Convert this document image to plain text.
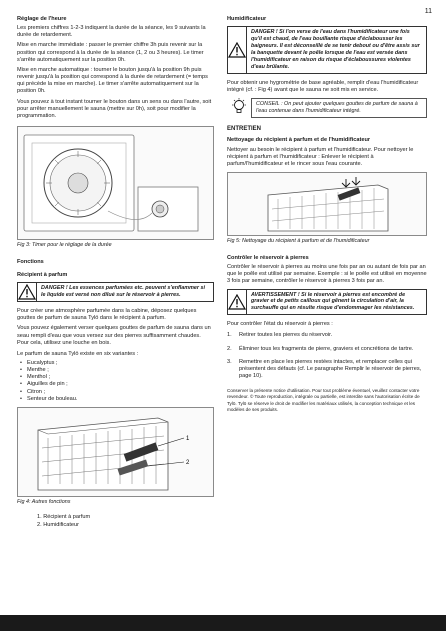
11
Réglage de l'heure

Les premiers chiffres 1-2-3 indiquent la durée de la séance, les 9 suivants la durée de retardement.

Mise en marche immédiate : passer le premier chiffre 3h puis revenir sur la position qui correspond à la durée de la séance (1, 2 ou 3 heures). Le timer s'arrête automatiquement sur la position 0h.

Mise en marche automatique : tourner le bouton jusqu'à la position 9h puis revenir jusqu'à la position qui correspond à la durée de retardement (= temps qui précède la mise en marche). Le timer s'arrête automatiquement sur la position 0h.

Vous pouvez à tout instant tourner le bouton dans un sens ou dans l'autre, soit pour arrêter manuellement le sauna (mettre sur 0h), soit pour modifier la programmation.

Fig 3: Timer pour le réglage de la durée
Fonctions
Récipient à parfum
DANGER ! Les essences parfumées etc. peuvent s'enflammer si le liquide est versé non dilué sur le réservoir à pierres.

Pour créer une atmosphère parfumée dans la cabine, déposez quelques gouttes de parfum de sauna Tylö dans le récipient à parfum.

Vous pouvez également verser quelques gouttes de parfum de sauna dans un seau rempli d'eau que vous versez sur des pierres suffisamment chaudes. Pour cela, utilisez une louche en bois.

Le parfum de sauna Tylö existe en six variantes :

• Eucalyptus ;
• Menthe ;
• Menthol ;
• Aiguilles de pin ;
• Citron ;
• Senteur de bouleau.
1
2
Fig 4: Autres fonctions
1. Récipient à parfum
2. Humidificateur
Humidificateur
DANGER ! Si l'on verse de l'eau dans l'humidificateur une fois qu'il est chaud, de l'eau bouillante risque d'éclabousser les baigneurs. Il est déconseillé de se tenir debout ou d'être assis sur la banquette devant le poêle lorsque de l'eau est versée dans l'humidificateur en raison du risque d'éclaboussures violentes d'eau brûlante.

Pour obtenir une hygrométrie de base agréable, remplir d'eau l'humidificateur intégré (cf. : Fig 4) avant que le sauna ne soit mis en service.

CONSEIL : On peut ajouter quelques gouttes de parfum de sauna à l'eau contenue dans l'humidificateur intégré.
ENTRETIEN
Nettoyage du récipient à parfum et de l'humidificateur

Nettoyer au besoin le récipient à parfum et l'humidificateur. Pour nettoyer le récipient à parfum et l'humidificateur : Enlever le récipient à parfum/l'humidificateur et le rincer sous l'eau courante.

Fig 5: Nettoyage du récipient à parfum et de l'humidificateur
Contrôler le réservoir à pierres

Contrôler le réservoir à pierres au moins une fois par an ou autant de fois par an que le poêle est utilisé par semaine. Exemple : si le poêle est utilisé en moyenne 3 fois par semaine, contrôler le réservoir à pierres 3 fois par an.

AVERTISSEMENT ! Si le réservoir à pierres est encombré de gravier et de petits cailloux qui gênent la circulation d'air, la surchauffe qui en résulte risque d'endommager les résistances.

Pour contrôler l'état du réservoir à pierres :

1.	Retirer toutes les pierres du réservoir.
2.	Éliminer tous les fragments de pierre, graviers et concrétions de tartre.
3.	Remettre en place les pierres restées intactes, et remplacer celles qui présentent des défauts (cf. Le paragraphe Remplir le réservoir de pierres, page 10).
Conserver la présente notice d'utilisation. Pour tout problème éventuel, veuillez contacter votre revendeur. © Toute reproduction, intégrale ou partielle, est interdite sans l'autorisation écrite de Tylö. Tylö se réserve le droit de modifier les matériaux utilisés, la conception technique et les modèles de ses produits.
